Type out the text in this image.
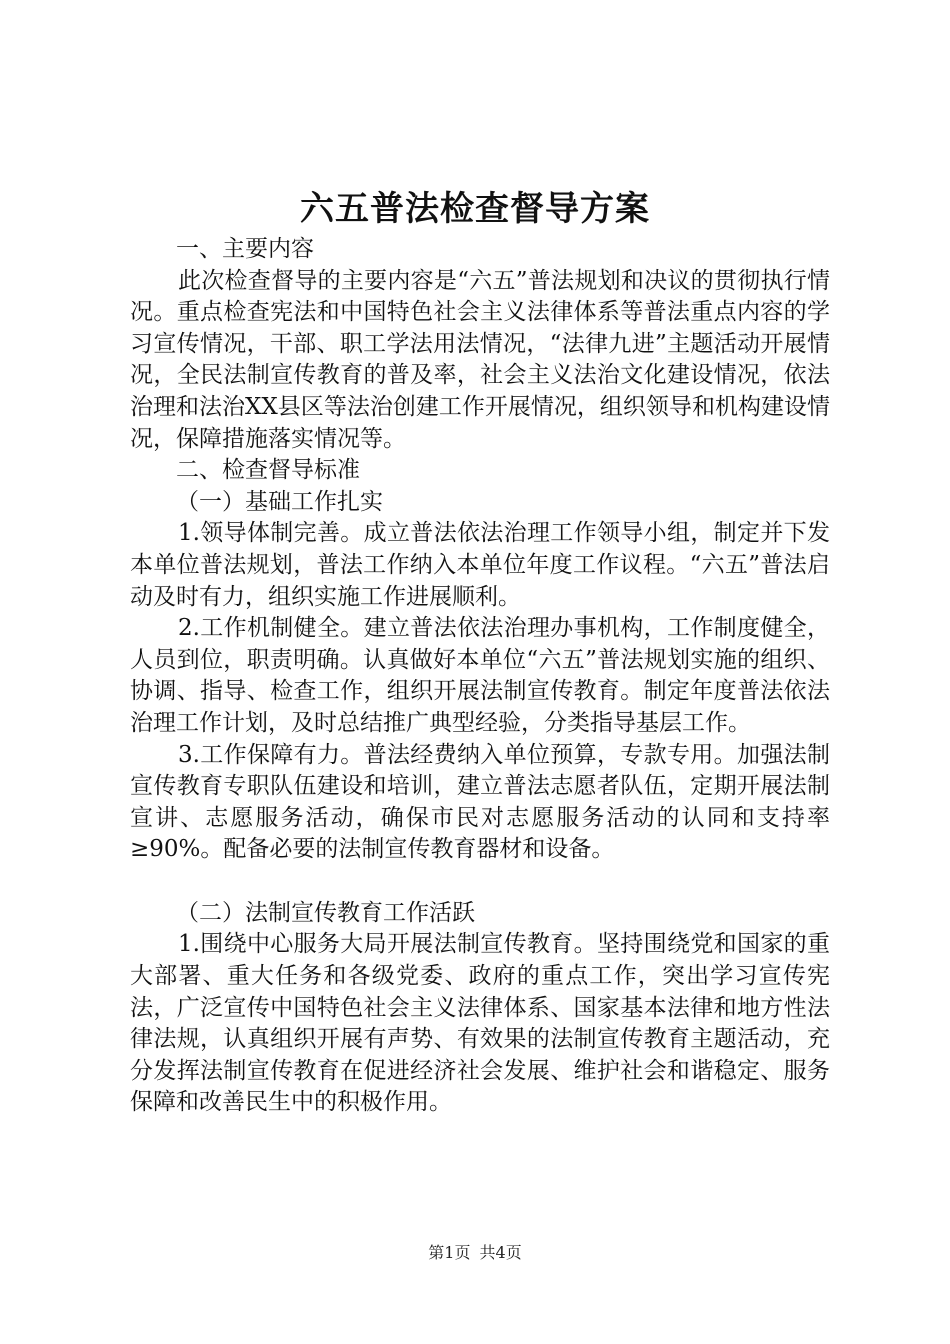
六五普法检查督导方案

一、主要内容

此次检查督导的主要内容是“六五”普法规划和决议的贯彻执行情况。重点检查宪法和中国特色社会主义法律体系等普法重点内容的学习宣传情况，干部、职工学法用法情况，“法律九进”主题活动开展情况，全民法制宣传教育的普及率，社会主义法治文化建设情况，依法治理和法治XX县区等法治创建工作开展情况，组织领导和机构建设情况，保障措施落实情况等。

二、检查督导标准

（一）基础工作扎实

1.领导体制完善。成立普法依法治理工作领导小组，制定并下发本单位普法规划，普法工作纳入本单位年度工作议程。“六五”普法启动及时有力，组织实施工作进展顺利。

2.工作机制健全。建立普法依法治理办事机构，工作制度健全，人员到位，职责明确。认真做好本单位“六五”普法规划实施的组织、协调、指导、检查工作，组织开展法制宣传教育。制定年度普法依法治理工作计划，及时总结推广典型经验，分类指导基层工作。

3.工作保障有力。普法经费纳入单位预算，专款专用。加强法制宣传教育专职队伍建设和培训，建立普法志愿者队伍，定期开展法制宣讲、志愿服务活动，确保市民对志愿服务活动的认同和支持率≥90%。配备必要的法制宣传教育器材和设备。

（二）法制宣传教育工作活跃

1.围绕中心服务大局开展法制宣传教育。坚持围绕党和国家的重大部署、重大任务和各级党委、政府的重点工作，突出学习宣传宪法，广泛宣传中国特色社会主义法律体系、国家基本法律和地方性法律法规，认真组织开展有声势、有效果的法制宣传教育主题活动，充分发挥法制宣传教育在促进经济社会发展、维护社会和谐稳定、服务保障和改善民生中的积极作用。

第1页 共4页
